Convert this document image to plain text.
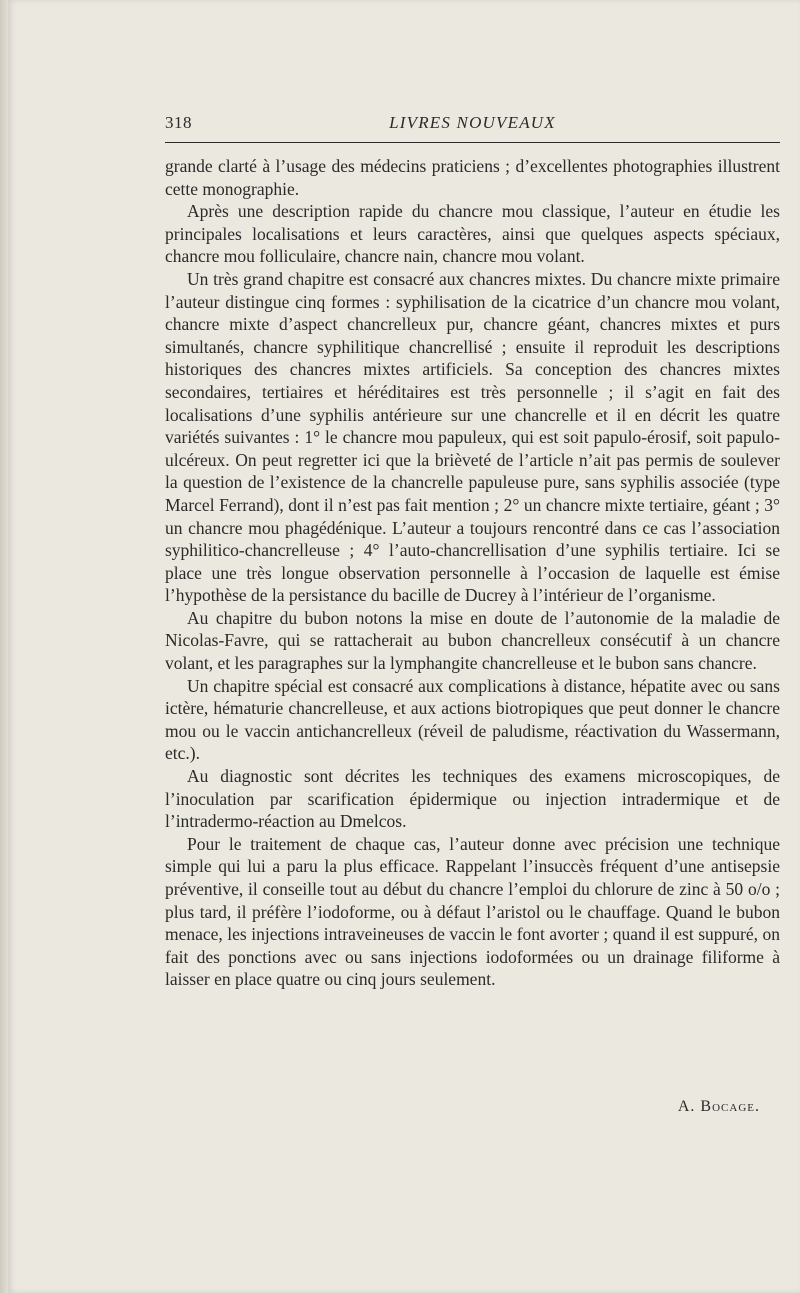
318	LIVRES NOUVEAUX

grande clarté à l’usage des médecins praticiens ; d’excellentes photographies illustrent cette monographie.

Après une description rapide du chancre mou classique, l’auteur en étudie les principales localisations et leurs caractères, ainsi que quelques aspects spéciaux, chancre mou folliculaire, chancre nain, chancre mou volant.

Un très grand chapitre est consacré aux chancres mixtes. Du chancre mixte primaire l’auteur distingue cinq formes : syphilisation de la cicatrice d’un chancre mou volant, chancre mixte d’aspect chancrelleux pur, chancre géant, chancres mixtes et purs simultanés, chancre syphilitique chancrellisé ; ensuite il reproduit les descriptions historiques des chancres mixtes artificiels. Sa conception des chancres mixtes secondaires, tertiaires et héréditaires est très personnelle ; il s’agit en fait des localisations d’une syphilis antérieure sur une chancrelle et il en décrit les quatre variétés suivantes : 1° le chancre mou papuleux, qui est soit papulo-érosif, soit papulo-ulcéreux. On peut regretter ici que la brièveté de l’article n’ait pas permis de soulever la question de l’existence de la chancrelle papuleuse pure, sans syphilis associée (type Marcel Ferrand), dont il n’est pas fait mention ; 2° un chancre mixte tertiaire, géant ; 3° un chancre mou phagédénique. L’auteur a toujours rencontré dans ce cas l’association syphilitico-chancrelleuse ; 4° l’auto-chancrellisation d’une syphilis tertiaire. Ici se place une très longue observation personnelle à l’occasion de laquelle est émise l’hypothèse de la persistance du bacille de Ducrey à l’intérieur de l’organisme.

Au chapitre du bubon notons la mise en doute de l’autonomie de la maladie de Nicolas-Favre, qui se rattacherait au bubon chancrelleux consécutif à un chancre volant, et les paragraphes sur la lymphangite chancrelleuse et le bubon sans chancre.

Un chapitre spécial est consacré aux complications à distance, hépatite avec ou sans ictère, hématurie chancrelleuse, et aux actions biotropiques que peut donner le chancre mou ou le vaccin antichancrelleux (réveil de paludisme, réactivation du Wassermann, etc.).

Au diagnostic sont décrites les techniques des examens microscopiques, de l’inoculation par scarification épidermique ou injection intradermique et de l’intradermo-réaction au Dmelcos.

Pour le traitement de chaque cas, l’auteur donne avec précision une technique simple qui lui a paru la plus efficace. Rappelant l’insuccès fréquent d’une antisepsie préventive, il conseille tout au début du chancre l’emploi du chlorure de zinc à 50 o/o ; plus tard, il préfère l’iodoforme, ou à défaut l’aristol ou le chauffage. Quand le bubon menace, les injections intraveineuses de vaccin le font avorter ; quand il est suppuré, on fait des ponctions avec ou sans injections iodoformées ou un drainage filiforme à laisser en place quatre ou cinq jours seulement.

A. Bocage.
